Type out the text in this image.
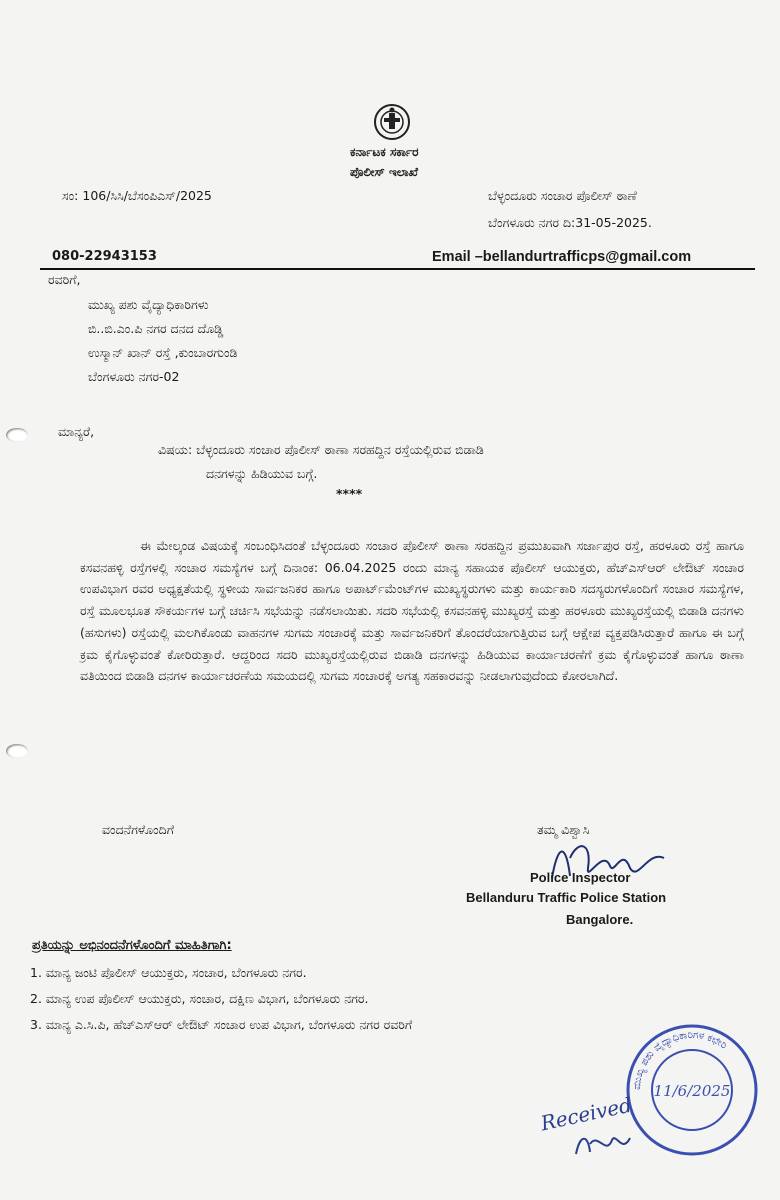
ಕರ್ನಾಟಕ ಸರ್ಕಾರ
ಪೊಲೀಸ್ ಇಲಾಖೆ
ಸಂ: 106/ಸಿಸಿ/ಬೆಸಂಪಿಎಸ್/2025	ಬೆಳ್ಳಂದೂರು ಸಂಚಾರ ಪೊಲೀಸ್ ಠಾಣೆ
ಬೆಂಗಳೂರು ನಗರ ದಿ:31-05-2025.
080-22943153	Email –bellandurtrafficps@gmail.com
ರವರಿಗೆ,
ಮುಖ್ಯ ಪಶು ವೈದ್ಯಾಧಿಕಾರಿಗಳು
ಬಿ..ಬಿ.ಎಂ.ಪಿ ನಗರ ದನದ ದೊಡ್ಡಿ
ಉಸ್ಮಾನ್ ಖಾನ್ ರಸ್ತೆ ,ಕುಂಬಾರಗುಂಡಿ
ಬೆಂಗಳೂರು ನಗರ-02
ಮಾನ್ಯರೆ,
ವಿಷಯ: ಬೆಳ್ಳಂದೂರು ಸಂಚಾರ ಪೊಲೀಸ್ ಠಾಣಾ ಸರಹದ್ದಿನ ರಸ್ತೆಯಲ್ಲಿರುವ ಬಿಡಾಡಿ
ದನಗಳನ್ನು ಹಿಡಿಯುವ ಬಗ್ಗೆ.
****

ಈ ಮೇಲ್ಕಂಡ ವಿಷಯಕ್ಕೆ ಸಂಬಂಧಿಸಿದಂತೆ ಬೆಳ್ಳಂದೂರು ಸಂಚಾರ ಪೊಲೀಸ್ ಠಾಣಾ ಸರಹದ್ದಿನ ಪ್ರಮುಖವಾಗಿ ಸರ್ಜಾಪುರ ರಸ್ತೆ, ಹರಳೂರು ರಸ್ತೆ ಹಾಗೂ ಕಸವನಹಳ್ಳಿ ರಸ್ತೆಗಳಲ್ಲಿ ಸಂಚಾರ ಸಮಸ್ಯೆಗಳ ಬಗ್ಗೆ ದಿನಾಂಕ: 06.04.2025 ರಂದು ಮಾನ್ಯ ಸಹಾಯಕ ಪೊಲೀಸ್ ಆಯುಕ್ತರು, ಹೆಚ್‌ಎಸ್‌ಆರ್ ಲೇಔಟ್ ಸಂಚಾರ ಉಪವಿಭಾಗ ರವರ ಅಧ್ಯಕ್ಷತೆಯಲ್ಲಿ ಸ್ಥಳೀಯ ಸಾರ್ವಜನಿಕರ ಹಾಗೂ ಅಪಾರ್ಟ್‌ಮೆಂಟ್‌ಗಳ ಮುಖ್ಯಸ್ಥರುಗಳು ಮತ್ತು ಕಾರ್ಯಕಾರಿ ಸದಸ್ಯರುಗಳೊಂದಿಗೆ ಸಂಚಾರ ಸಮಸ್ಯೆಗಳ, ರಸ್ತೆ ಮೂಲಭೂತ ಸೌಕರ್ಯಗಳ ಬಗ್ಗೆ ಚರ್ಚಿಸಿ ಸಭೆಯನ್ನು ನಡೆಸಲಾಯಿತು. ಸದರಿ ಸಭೆಯಲ್ಲಿ ಕಸವನಹಳ್ಳಿ ಮುಖ್ಯರಸ್ತೆ ಮತ್ತು ಹರಳೂರು ಮುಖ್ಯರಸ್ತೆಯಲ್ಲಿ ಬಿಡಾಡಿ ದನಗಳು (ಹಸುಗಳು) ರಸ್ತೆಯಲ್ಲಿ ಮಲಗಿಕೊಂಡು ವಾಹನಗಳ ಸುಗಮ ಸಂಚಾರಕ್ಕೆ ಮತ್ತು ಸಾರ್ವಜನಿಕರಿಗೆ ತೊಂದರೆಯಾಗುತ್ತಿರುವ ಬಗ್ಗೆ ಆಕ್ಷೇಪ ವ್ಯಕ್ತಪಡಿಸಿರುತ್ತಾರೆ ಹಾಗೂ ಈ ಬಗ್ಗೆ ಕ್ರಮ ಕೈಗೊಳ್ಳುವಂತೆ ಕೋರಿರುತ್ತಾರೆ. ಆದ್ದರಿಂದ ಸದರಿ ಮುಖ್ಯರಸ್ತೆಯಲ್ಲಿರುವ ಬಿಡಾಡಿ ದನಗಳನ್ನು ಹಿಡಿಯುವ ಕಾರ್ಯಾಚರಣೆಗೆ ಕ್ರಮ ಕೈಗೊಳ್ಳುವಂತೆ ಹಾಗೂ ಠಾಣಾ ವತಿಯಿಂದ ಬಿಡಾಡಿ ದನಗಳ ಕಾರ್ಯಾಚರಣೆಯ ಸಮಯದಲ್ಲಿ ಸುಗಮ ಸಂಚಾರಕ್ಕೆ ಅಗತ್ಯ ಸಹಕಾರವನ್ನು ನೀಡಲಾಗುವುದೆಂದು ಕೋರಲಾಗಿದೆ.

ವಂದನೆಗಳೊಂದಿಗೆ	ತಮ್ಮ ವಿಶ್ವಾಸಿ
Police Inspector
Bellanduru Traffic Police Station
Bangalore.
ಪ್ರತಿಯನ್ನು ಅಭಿನಂದನೆಗಳೊಂದಿಗೆ ಮಾಹಿತಿಗಾಗಿ:
1. ಮಾನ್ಯ ಜಂಟಿ ಪೊಲೀಸ್ ಆಯುಕ್ತರು, ಸಂಚಾರ, ಬೆಂಗಳೂರು ನಗರ.
2. ಮಾನ್ಯ ಉಪ ಪೊಲೀಸ್ ಆಯುಕ್ತರು, ಸಂಚಾರ, ದಕ್ಷಿಣ ವಿಭಾಗ, ಬೆಂಗಳೂರು ನಗರ.
3. ಮಾನ್ಯ ಎ.ಸಿ.ಪಿ, ಹೆಚ್‌ಎಸ್‌ಆರ್ ಲೇಔಟ್ ಸಂಚಾರ ಉಪ ವಿಭಾಗ, ಬೆಂಗಳೂರು ನಗರ ರವರಿಗೆ
ಮುಖ್ಯ ಪಶು ವೈದ್ಯಾಧಿಕಾರಿಗಳ ಕಛೇರಿ
11/6/2025
Received
